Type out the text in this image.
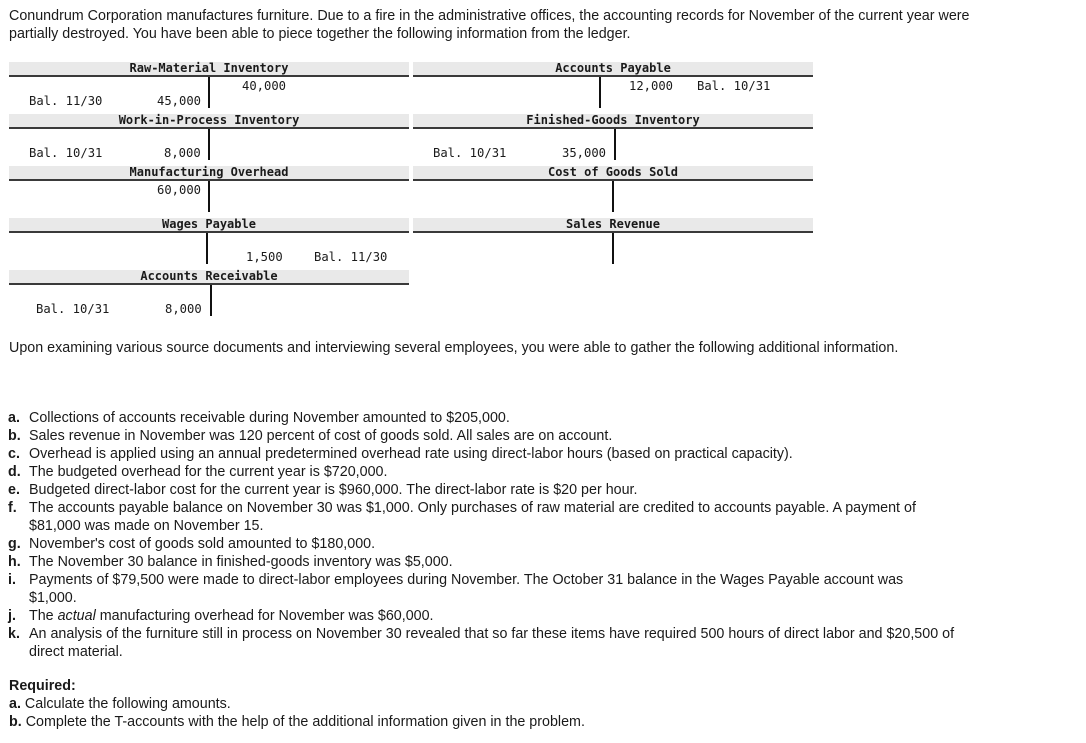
Conundrum Corporation manufactures furniture. Due to a fire in the administrative offices, the accounting records for November of the current year were partially destroyed. You have been able to piece together the following information from the ledger.

Raw-Material Inventory
40,000
Bal. 11/30	45,000
Accounts Payable
12,000 Bal. 10/31
Work-in-Process Inventory
Bal. 10/31	8,000
Finished-Goods Inventory
Bal. 10/31	35,000
Manufacturing Overhead
60,000
Cost of Goods Sold
Wages Payable
1,500	Bal. 11/30
Sales Revenue
Accounts Receivable
Bal. 10/31	8,000

Upon examining various source documents and interviewing several employees, you were able to gather the following additional information.

a. Collections of accounts receivable during November amounted to $205,000.
b. Sales revenue in November was 120 percent of cost of goods sold. All sales are on account.
c. Overhead is applied using an annual predetermined overhead rate using direct-labor hours (based on practical capacity).
d. The budgeted overhead for the current year is $720,000.
e. Budgeted direct-labor cost for the current year is $960,000. The direct-labor rate is $20 per hour.
f. The accounts payable balance on November 30 was $1,000. Only purchases of raw material are credited to accounts payable. A payment of $81,000 was made on November 15.
g. November's cost of goods sold amounted to $180,000.
h. The November 30 balance in finished-goods inventory was $5,000.
i. Payments of $79,500 were made to direct-labor employees during November. The October 31 balance in the Wages Payable account was $1,000.
j. The actual manufacturing overhead for November was $60,000.
k. An analysis of the furniture still in process on November 30 revealed that so far these items have required 500 hours of direct labor and $20,500 of direct material.
Required:
a. Calculate the following amounts.
b. Complete the T-accounts with the help of the additional information given in the problem.
